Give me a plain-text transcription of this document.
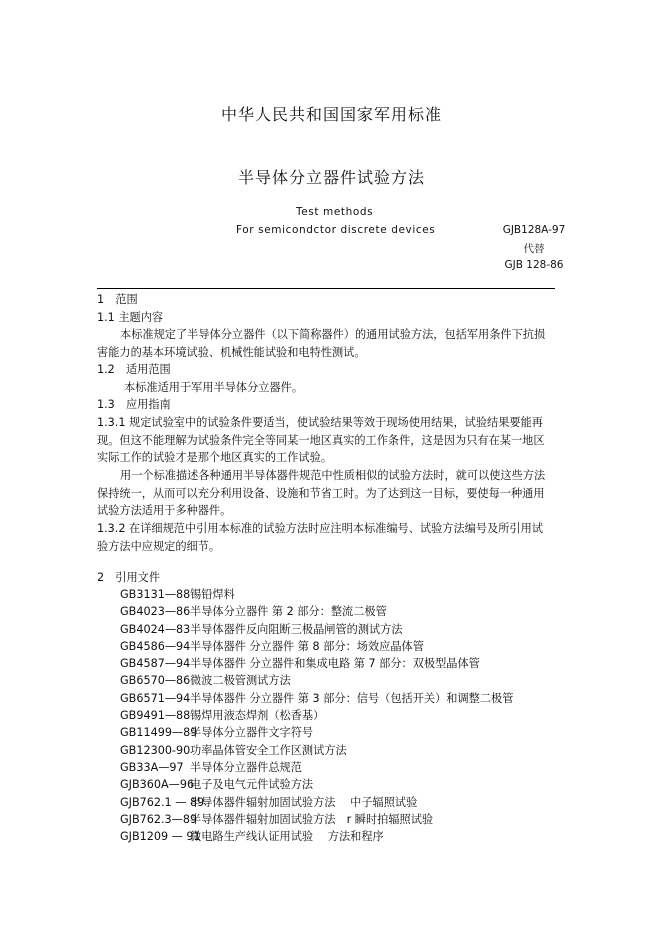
中华人民共和国国家军用标准
半导体分立器件试验方法
Test methods
For semicondctor discrete devices	GJB128A-97
代替
GJB 128-86
1　范围
1.1 主题内容
本标准规定了半导体分立器件（以下简称器件）的通用试验方法，包括军用条件下抗损
害能力的基本环境试验、机械性能试验和电特性测试。
1.2　适用范围
本标准适用于军用半导体分立器件。
1.3　应用指南
1.3.1 规定试验室中的试验条件要适当，使试验结果等效于现场使用结果，试验结果要能再
现。但这不能理解为试验条件完全等同某一地区真实的工作条件，这是因为只有在某一地区
实际工作的试验才是那个地区真实的工作试验。
用一个标准描述各种通用半导体器件规范中性质相似的试验方法时，就可以使这些方法
保持统一，从而可以充分利用设备、设施和节省工时。为了达到这一目标，要使每一种通用
试验方法适用于多种器件。
1.3.2 在详细规范中引用本标准的试验方法时应注明本标准编号、试验方法编号及所引用试
验方法中应规定的细节。
2　引用文件
GB3131—88锡铅焊料
GB4023—86半导体分立器件 第 2 部分：整流二极管
GB4024—83半导体器件反向阻断三极晶闸管的测试方法
GB4586—94半导体器件 分立器件 第 8 部分：场效应晶体管
GB4587—94半导体器件 分立器件和集成电路 第 7 部分：双极型晶体管
GB6570—86微波二极管测试方法
GB6571—94半导体器件 分立器件 第 3 部分：信号（包括开关）和调整二极管
GB9491—88锡焊用液态焊剂（松香基）
GB11499—89半导体分立器件文字符号
GB12300-90功率晶体管安全工作区测试方法
GB33A—97 半导体分立器件总规范
GJB360A—96电子及电气元件试验方法
GJB762.1 — 89半导体器件辐射加固试验方法　 中子辐照试验
GJB762.3—89半导体器件辐射加固试验方法　r 瞬时拍辐照试验
GJB1209 — 91微电路生产线认证用试验　 方法和程序
